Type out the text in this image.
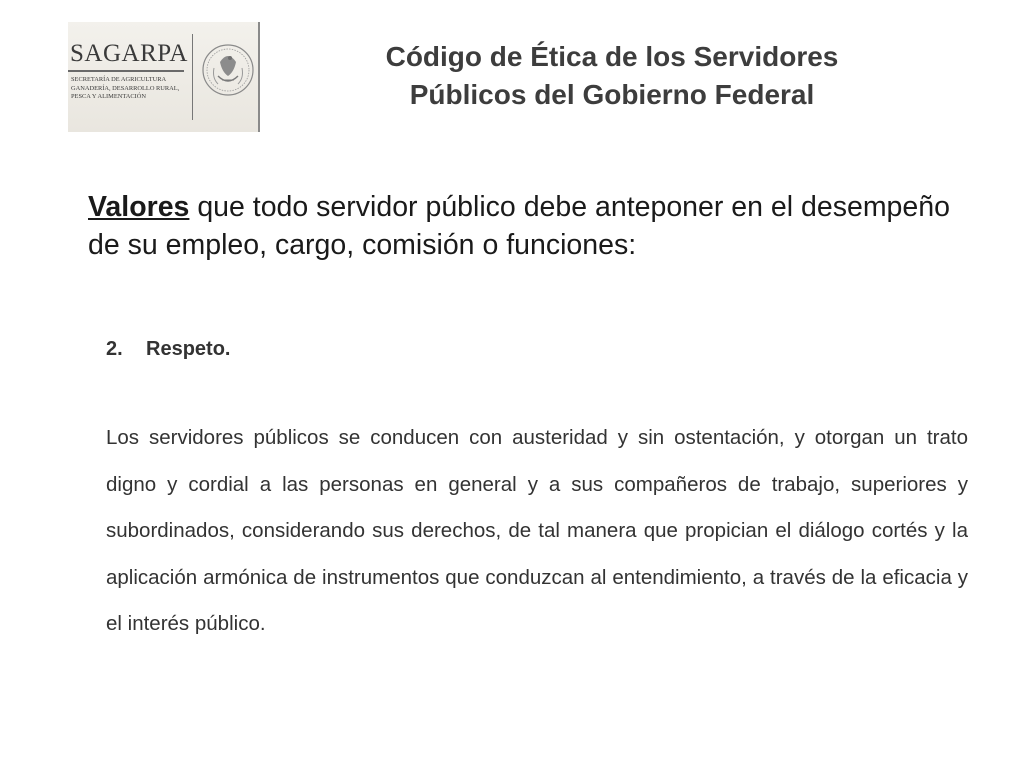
SAGARPA
SECRETARÍA DE AGRICULTURA
GANADERÍA, DESARROLLO RURAL,
PESCA Y ALIMENTACIÓN
Código de Ética de los Servidores
Públicos del Gobierno Federal
Valores que todo servidor público debe anteponer en el desempeño de su empleo, cargo, comisión o funciones:
2. Respeto.
Los servidores públicos se conducen con austeridad y sin ostentación, y otorgan un trato digno y cordial a las personas en general y a sus compañeros de trabajo, superiores y subordinados, considerando sus derechos, de tal manera que propician el diálogo cortés y la aplicación armónica de instrumentos que conduzcan al entendimiento, a través de la eficacia y el interés público.
